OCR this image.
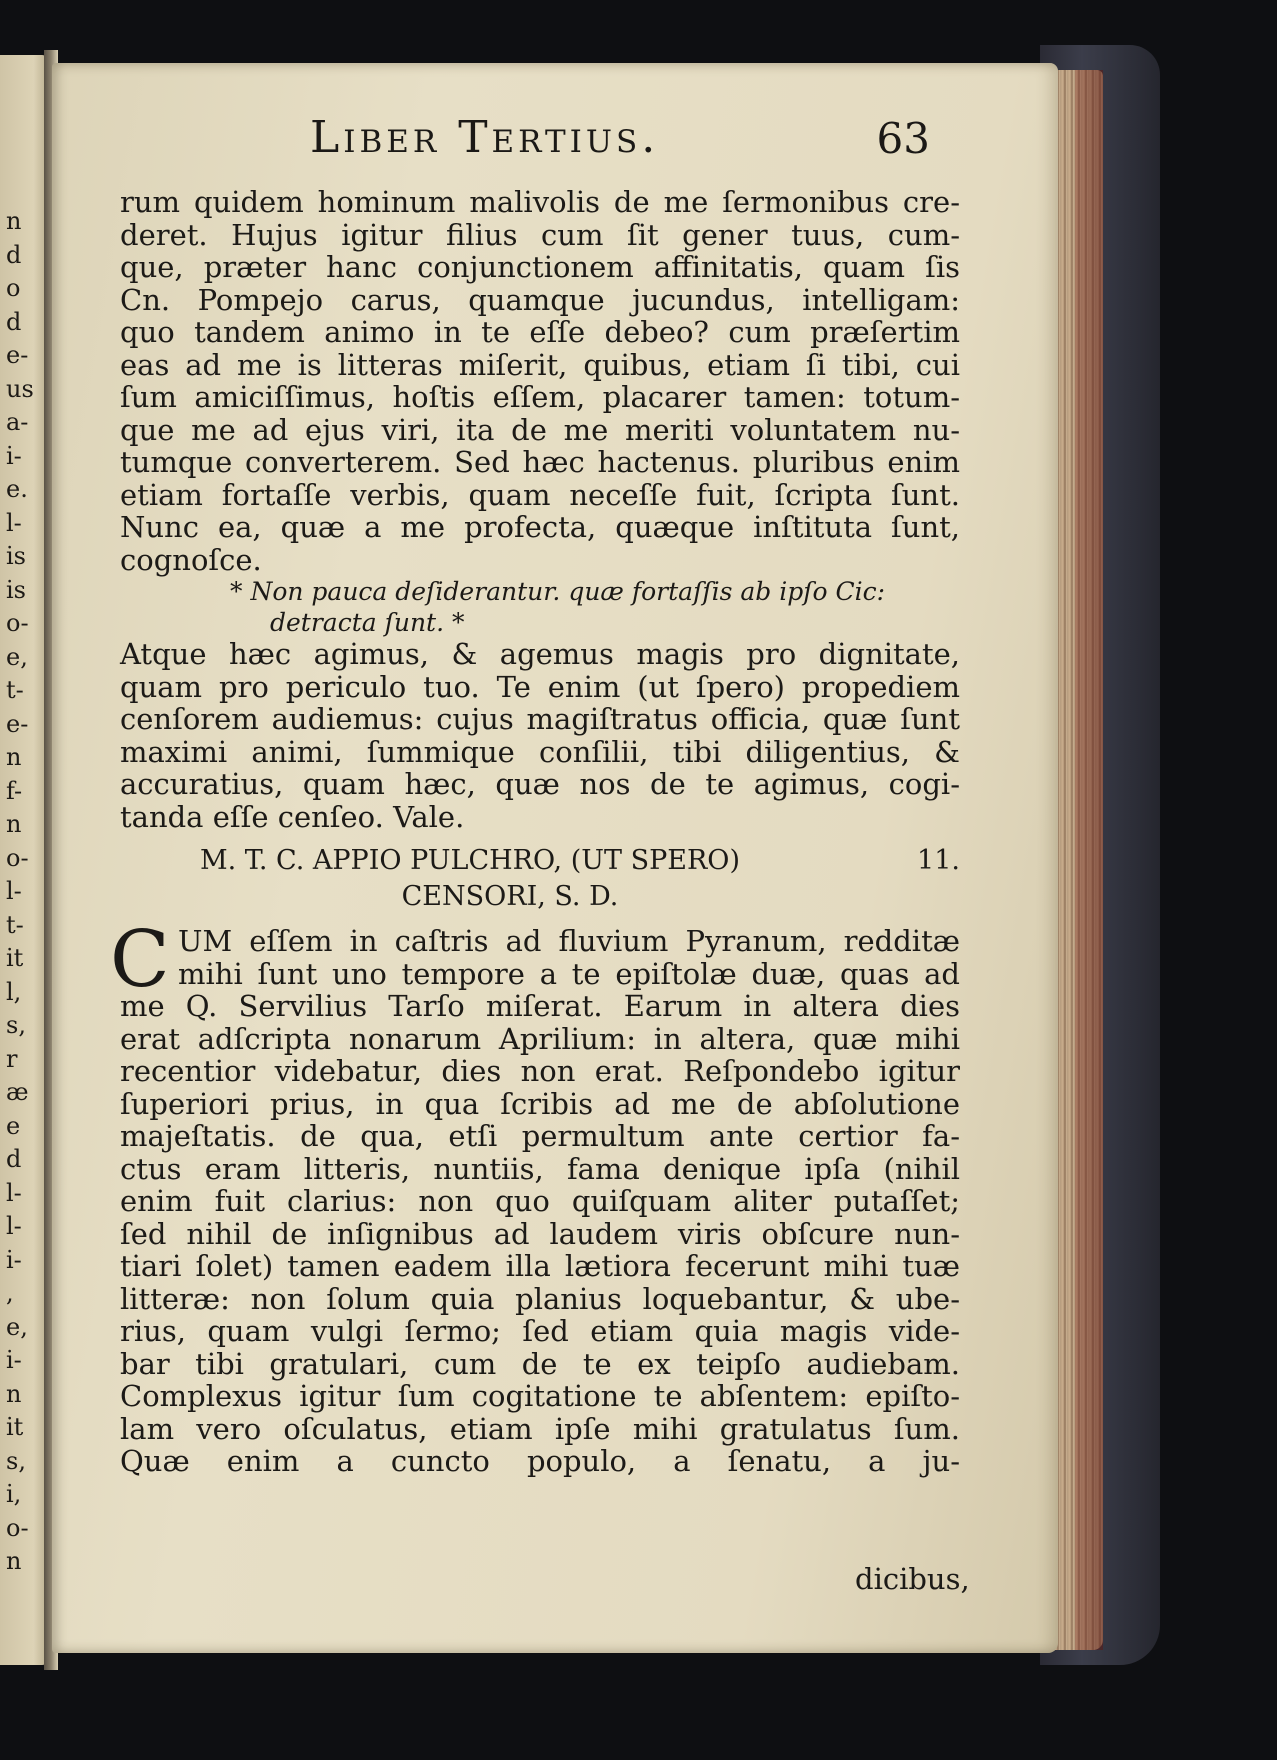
n
d
o
d
e-
us
a-
i-
e.
l-
is
is
o-
e,
t-
e-
n
f-
n
o-
l-
t-
it
l,
s,
r
æ
e
d
l-
l-
i-
,
e,
i-
n
it
s,
i,
o-
n
Liber Tertius.	63
rum quidem hominum malivolis de me ſermonibus cre-
deret. Hujus igitur filius cum ſit gener tuus, cum-
que, præter hanc conjunctionem affinitatis, quam ſis
Cn. Pompejo carus, quamque jucundus, intelligam:
quo tandem animo in te eſſe debeo? cum præſertim
eas ad me is litteras miſerit, quibus, etiam ſi tibi, cui
ſum amiciſſimus, hoſtis eſſem, placarer tamen: totum-
que me ad ejus viri, ita de me meriti voluntatem nu-
tumque converterem. Sed hæc hactenus. pluribus enim
etiam fortaſſe verbis, quam neceſſe fuit, ſcripta ſunt.
Nunc ea, quæ a me profecta, quæque inſtituta ſunt,
cognoſce.
* Non pauca deſiderantur. quæ fortaſſis ab ipſo Cic:
detracta ſunt. *
Atque hæc agimus, & agemus magis pro dignitate,
quam pro periculo tuo. Te enim (ut ſpero) propediem
cenſorem audiemus: cujus magiſtratus officia, quæ ſunt
maximi animi, ſummique conſilii, tibi diligentius, &
accuratius, quam hæc, quæ nos de te agimus, cogi-
tanda eſſe cenſeo. Vale.
M. T. C. APPIO PULCHRO, (UT SPERO)	11.
CENSORI, S. D.
C UM eſſem in caſtris ad fluvium Pyranum, redditæ
mihi ſunt uno tempore a te epiſtolæ duæ, quas ad
me Q. Servilius Tarſo miſerat. Earum in altera dies
erat adſcripta nonarum Aprilium: in altera, quæ mihi
recentior videbatur, dies non erat. Reſpondebo igitur
ſuperiori prius, in qua ſcribis ad me de abſolutione
majeſtatis. de qua, etſi permultum ante certior fa-
ctus eram litteris, nuntiis, fama denique ipſa (nihil
enim fuit clarius: non quo quiſquam aliter putaſſet;
ſed nihil de inſignibus ad laudem viris obſcure nun-
tiari ſolet) tamen eadem illa lætiora fecerunt mihi tuæ
litteræ: non ſolum quia planius loquebantur, & ube-
rius, quam vulgi ſermo; ſed etiam quia magis vide-
bar tibi gratulari, cum de te ex teipſo audiebam.
Complexus igitur ſum cogitatione te abſentem: epiſto-
lam vero oſculatus, etiam ipſe mihi gratulatus ſum.
Quæ enim a cuncto populo, a ſenatu, a ju-
dicibus,
